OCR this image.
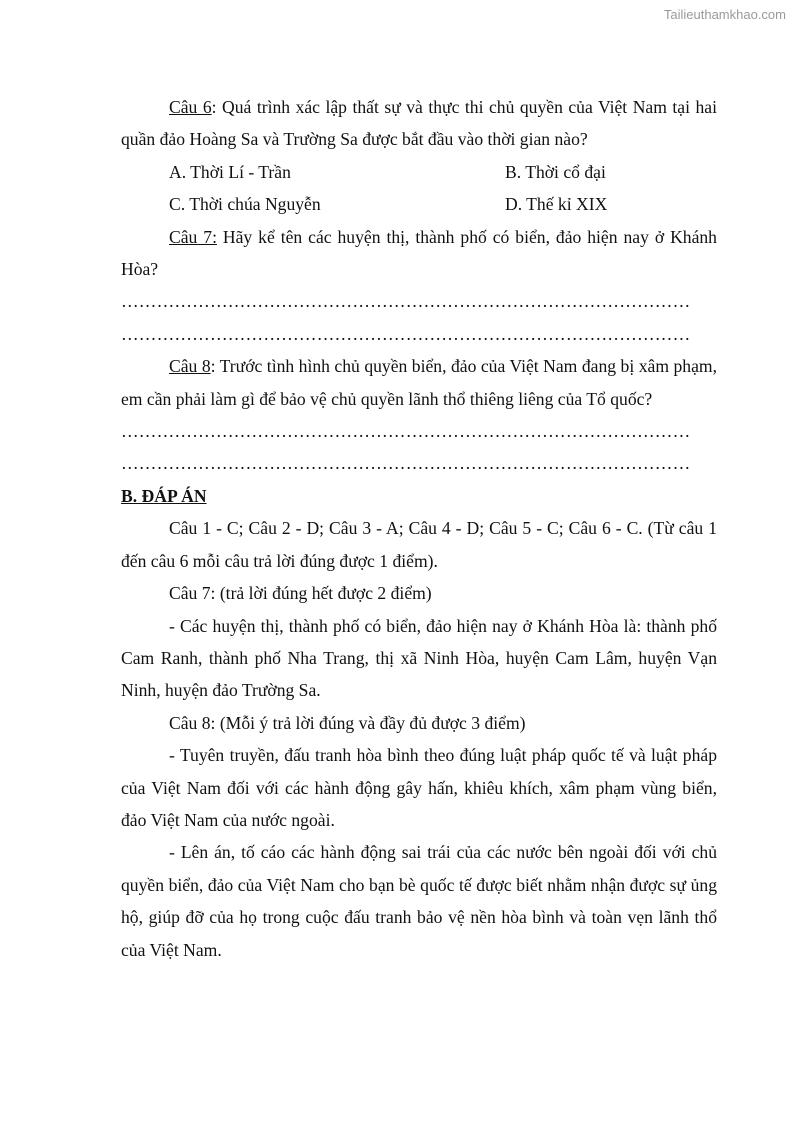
Tailieuthamkhao.com

Câu 6: Quá trình xác lập thất sự và thực thi chủ quyền của Việt Nam tại hai quần đảo Hoàng Sa và Trường Sa được bắt đầu vào thời gian nào?

A. Thời Lí - Trần	B. Thời cổ đại
C. Thời chúa Nguyễn	D. Thế kỉ XIX

Câu 7: Hãy kể tên các huyện thị, thành phố có biển, đảo hiện nay ở Khánh Hòa?

……………………………………………………………………………………

……………………………………………………………………………………

Câu 8: Trước tình hình chủ quyền biển, đảo của Việt Nam đang bị xâm phạm, em cần phải làm gì để bảo vệ chủ quyền lãnh thổ thiêng liêng của Tổ quốc?

……………………………………………………………………………………

……………………………………………………………………………………

B. ĐÁP ÁN

Câu 1 - C; Câu 2 - D; Câu 3 - A; Câu 4 - D; Câu 5 - C; Câu 6 - C. (Từ câu 1 đến câu 6 mỗi câu trả lời đúng được 1 điểm).

Câu 7: (trả lời đúng hết được 2 điểm)

- Các huyện thị, thành phố có biển, đảo hiện nay ở Khánh Hòa là: thành phố Cam Ranh, thành phố Nha Trang, thị xã Ninh Hòa, huyện Cam Lâm, huyện Vạn Ninh, huyện đảo Trường Sa.

Câu 8: (Mỗi ý trả lời đúng và đầy đủ được 3 điểm)

- Tuyên truyền, đấu tranh hòa bình theo đúng luật pháp quốc tế và luật pháp của Việt Nam đối với các hành động gây hấn, khiêu khích, xâm phạm vùng biển, đảo Việt Nam của nước ngoài.

- Lên án, tố cáo các hành động sai trái của các nước bên ngoài đối với chủ quyền biển, đảo của Việt Nam cho bạn bè quốc tế được biết nhằm nhận được sự ủng hộ, giúp đỡ của họ trong cuộc đấu tranh bảo vệ nền hòa bình và toàn vẹn lãnh thổ của Việt Nam.
